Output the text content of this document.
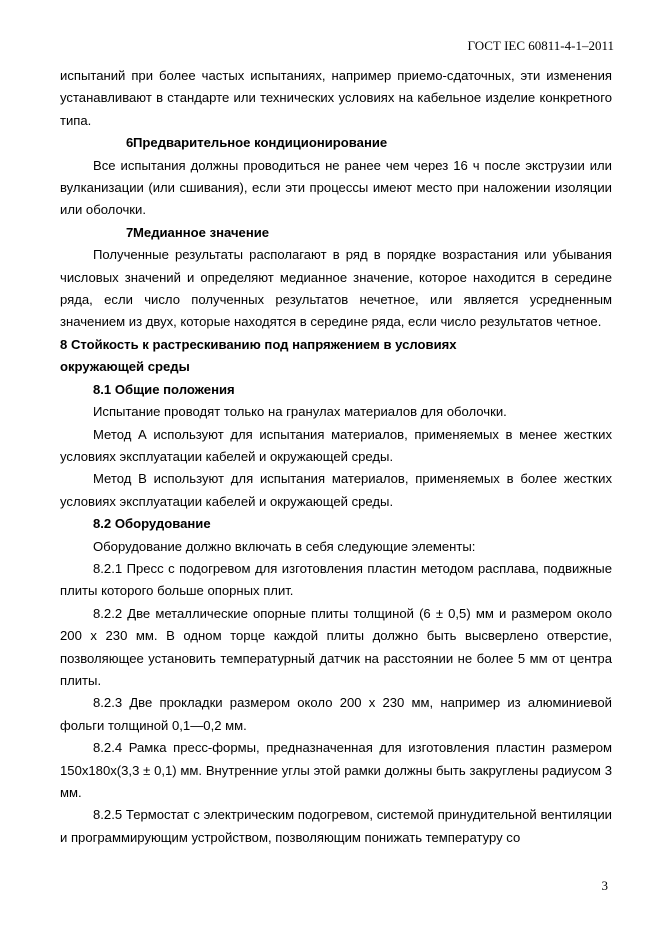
ГОСТ IEC 60811-4-1–2011

испытаний при более частых испытаниях, например приемо-сдаточных, эти изменения устанавливают в стандарте или технических условиях на кабельное изделие конкретного типа.

6Предварительное кондиционирование

Все испытания должны проводиться не ранее чем через 16 ч после экструзии или вулканизации (или сшивания), если эти процессы имеют место при наложении изоляции или оболочки.

7Медианное значение

Полученные результаты располагают в ряд в порядке возрастания или убывания числовых значений и определяют медианное значение, которое находится в середине ряда, если число полученных результатов нечетное, или является усредненным значением из двух, которые находятся в середине ряда, если число результатов четное.

8 Стойкость к растрескиванию под напряжением в условиях
окружающей среды

8.1 Общие положения

Испытание проводят только на гранулах материалов для оболочки.

Метод А используют для испытания материалов, применяемых в менее жестких условиях эксплуатации кабелей и окружающей среды.

Метод В используют для испытания материалов, применяемых в более жестких условиях эксплуатации кабелей и окружающей среды.

8.2 Оборудование

Оборудование должно включать в себя следующие элементы:

8.2.1 Пресс с подогревом для изготовления пластин методом расплава, подвижные плиты которого больше опорных плит.

8.2.2 Две металлические опорные плиты толщиной (6 ± 0,5) мм и размером около 200 х 230 мм. В одном торце каждой плиты должно быть высверлено отверстие, позволяющее установить температурный датчик на расстоянии не более 5 мм от центра плиты.

8.2.3 Две прокладки размером около 200 х 230 мм, например из алюминиевой фольги толщиной 0,1—0,2 мм.

8.2.4 Рамка пресс-формы, предназначенная для изготовления пластин размером 150х180х(3,3 ± 0,1) мм. Внутренние углы этой рамки должны быть закруглены радиусом 3 мм.

8.2.5 Термостат с электрическим подогревом, системой принудительной вентиляции и программирующим устройством, позволяющим понижать температуру со

3
